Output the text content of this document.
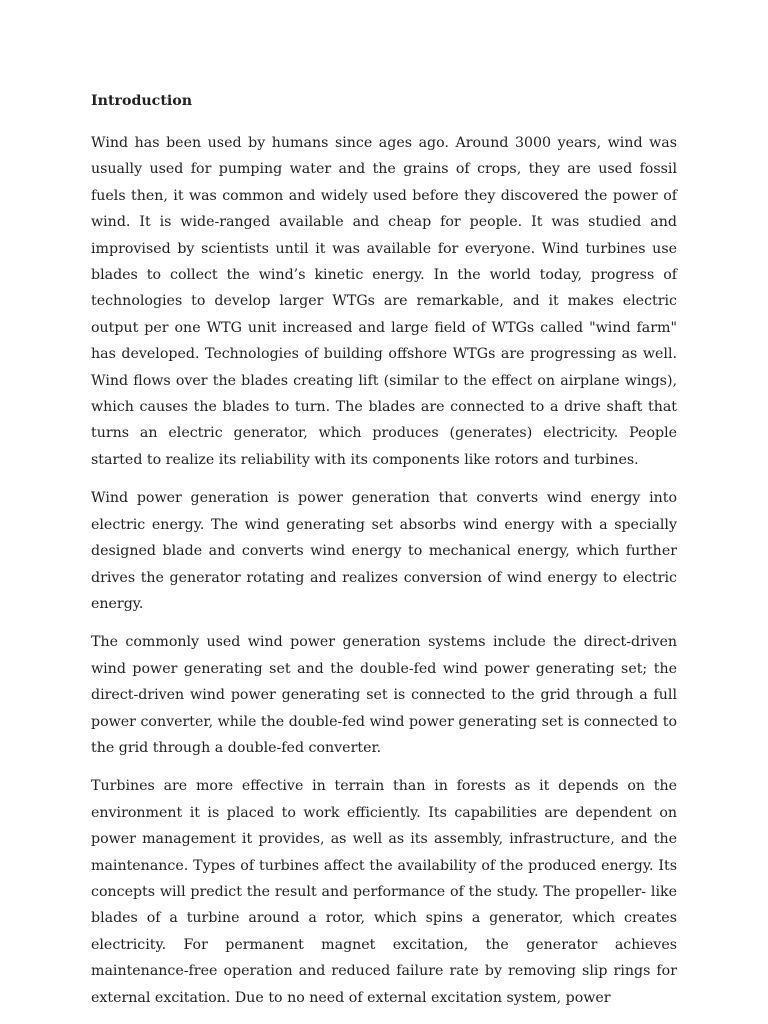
Introduction

Wind has been used by humans since ages ago. Around 3000 years, wind was usually used for pumping water and the grains of crops, they are used fossil fuels then, it was common and widely used before they discovered the power of wind. It is wide-ranged available and cheap for people. It was studied and improvised by scientists until it was available for everyone. Wind turbines use blades to collect the wind’s kinetic energy. In the world today, progress of technologies to develop larger WTGs are remarkable, and it makes electric output per one WTG unit increased and large field of WTGs called "wind farm" has developed. Technologies of building offshore WTGs are progressing as well. Wind flows over the blades creating lift (similar to the effect on airplane wings), which causes the blades to turn. The blades are connected to a drive shaft that turns an electric generator, which produces (generates) electricity. People started to realize its reliability with its components like rotors and turbines.

Wind power generation is power generation that converts wind energy into electric energy. The wind generating set absorbs wind energy with a specially designed blade and converts wind energy to mechanical energy, which further drives the generator rotating and realizes conversion of wind energy to electric energy.

The commonly used wind power generation systems include the direct-driven wind power generating set and the double-fed wind power generating set; the direct-driven wind power generating set is connected to the grid through a full power converter, while the double-fed wind power generating set is connected to the grid through a double-fed converter.

Turbines are more effective in terrain than in forests as it depends on the environment it is placed to work efficiently. Its capabilities are dependent on power management it provides, as well as its assembly, infrastructure, and the maintenance. Types of turbines affect the availability of the produced energy. Its concepts will predict the result and performance of the study. The propeller- like blades of a turbine around a rotor, which spins a generator, which creates electricity. For permanent magnet excitation, the generator achieves maintenance-free operation and reduced failure rate by removing slip rings for external excitation. Due to no need of external excitation system, power
